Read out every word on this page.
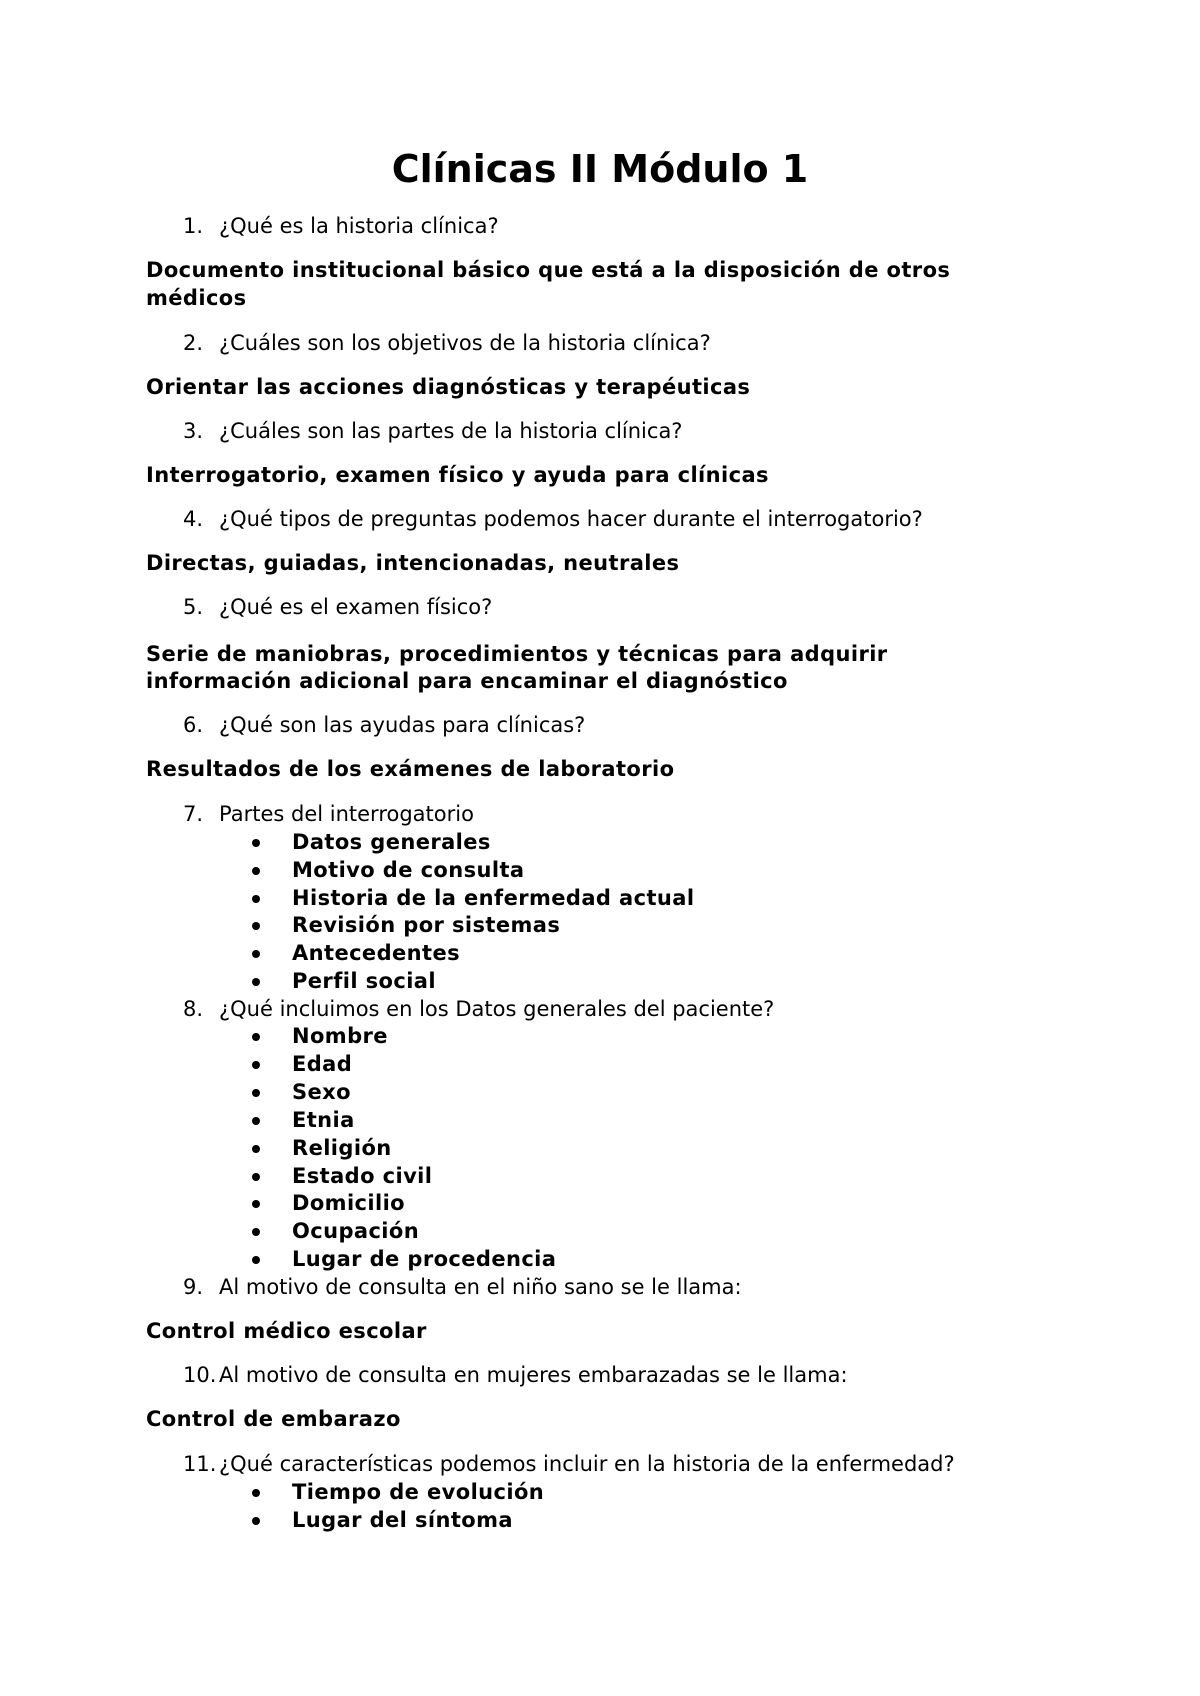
Clínicas II Módulo 1
1. ¿Qué es la historia clínica?
Documento institucional básico que está a la disposición de otros
médicos
2. ¿Cuáles son los objetivos de la historia clínica?
Orientar las acciones diagnósticas y terapéuticas
3. ¿Cuáles son las partes de la historia clínica?
Interrogatorio, examen físico y ayuda para clínicas
4. ¿Qué tipos de preguntas podemos hacer durante el interrogatorio?
Directas, guiadas, intencionadas, neutrales
5. ¿Qué es el examen físico?
Serie de maniobras, procedimientos y técnicas para adquirir
información adicional para encaminar el diagnóstico
6. ¿Qué son las ayudas para clínicas?
Resultados de los exámenes de laboratorio
7. Partes del interrogatorio
Datos generales
Motivo de consulta
Historia de la enfermedad actual
Revisión por sistemas
Antecedentes
Perfil social
8. ¿Qué incluimos en los Datos generales del paciente?
Nombre
Edad
Sexo
Etnia
Religión
Estado civil
Domicilio
Ocupación
Lugar de procedencia
9. Al motivo de consulta en el niño sano se le llama:
Control médico escolar
10. Al motivo de consulta en mujeres embarazadas se le llama:
Control de embarazo
11. ¿Qué características podemos incluir en la historia de la enfermedad?
Tiempo de evolución
Lugar del síntoma
